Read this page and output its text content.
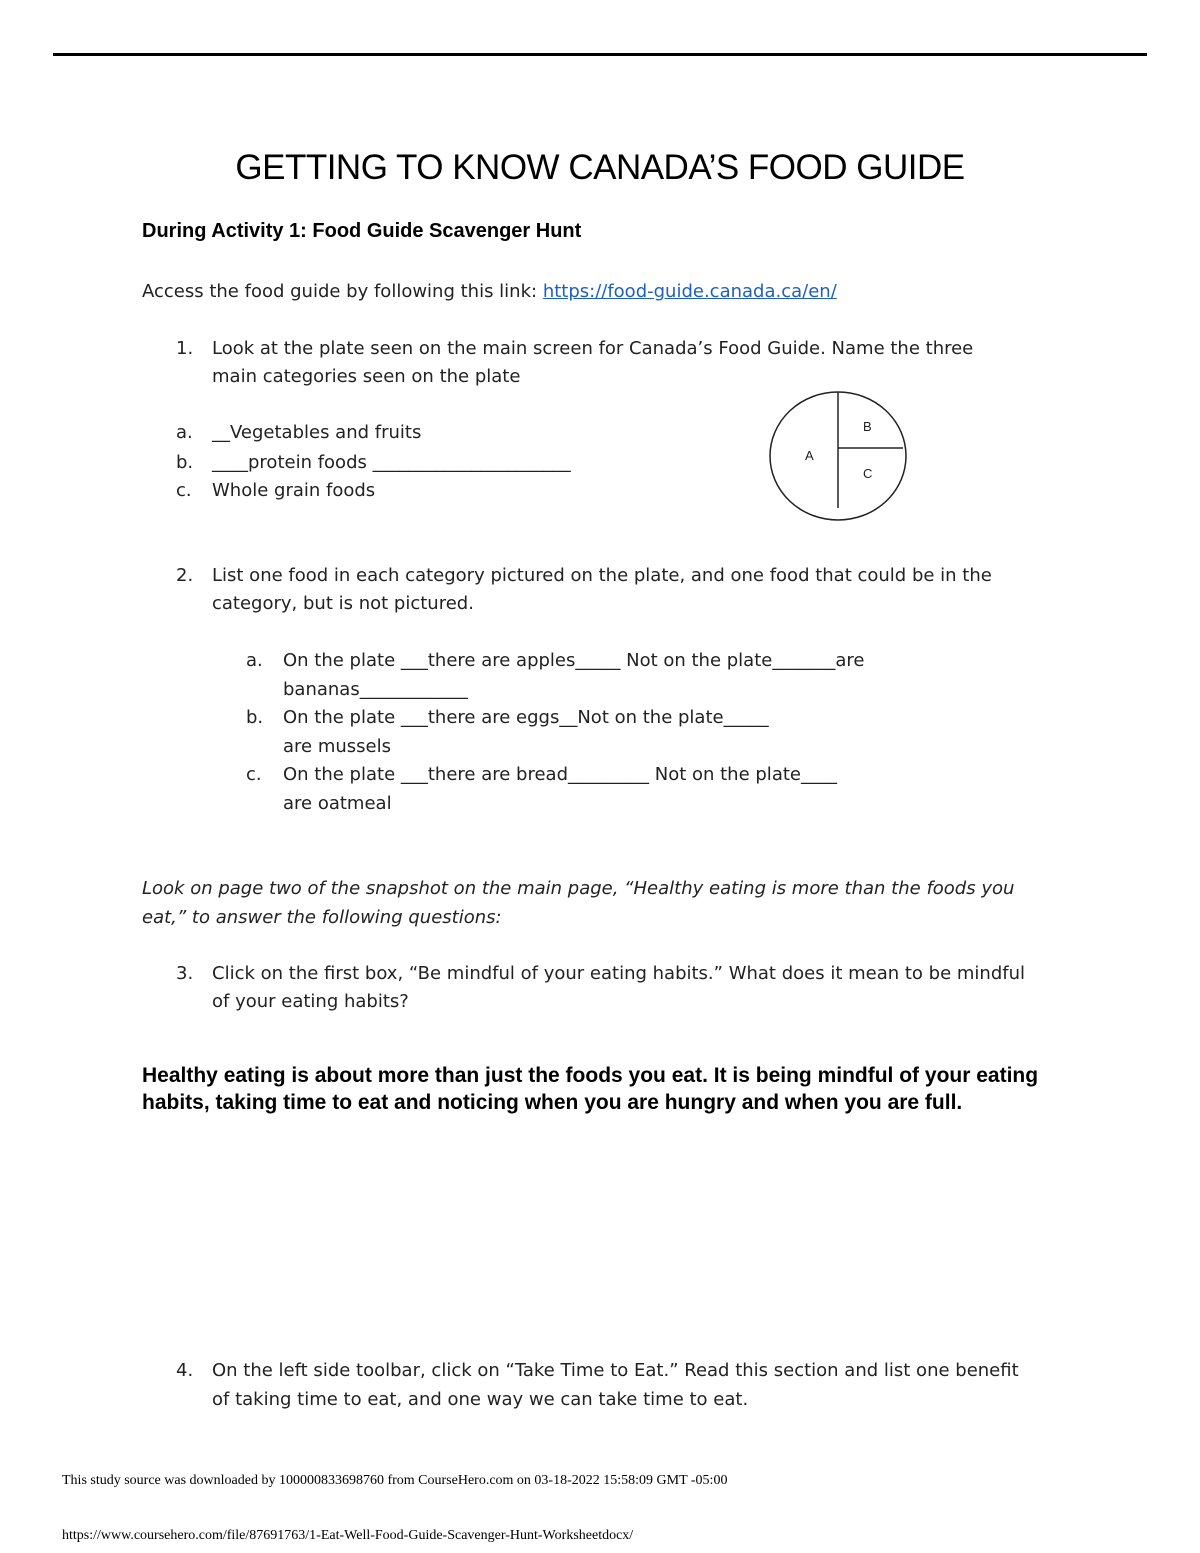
GETTING TO KNOW CANADA’S FOOD GUIDE
During Activity 1: Food Guide Scavenger Hunt
Access the food guide by following this link: https://food-guide.canada.ca/en/
1. Look at the plate seen on the main screen for Canada’s Food Guide. Name the three
main categories seen on the plate
a. __Vegetables and fruits
b. ____protein foods ______________________
c. Whole grain foods
A
B
C
2. List one food in each category pictured on the plate, and one food that could be in the
category, but is not pictured.
a. On the plate ___there are apples_____ Not on the plate_______are
bananas____________
b. On the plate ___there are eggs__Not on the plate_____
are mussels
c. On the plate ___there are bread_________ Not on the plate____
are oatmeal
Look on page two of the snapshot on the main page, “Healthy eating is more than the foods you
eat,” to answer the following questions:
3. Click on the first box, “Be mindful of your eating habits.” What does it mean to be mindful
of your eating habits?
Healthy eating is about more than just the foods you eat. It is being mindful of your eating habits, taking time to eat and noticing when you are hungry and when you are full.
4. On the left side toolbar, click on “Take Time to Eat.” Read this section and list one benefit
of taking time to eat, and one way we can take time to eat.
This study source was downloaded by 100000833698760 from CourseHero.com on 03-18-2022 15:58:09 GMT -05:00
https://www.coursehero.com/file/87691763/1-Eat-Well-Food-Guide-Scavenger-Hunt-Worksheetdocx/
